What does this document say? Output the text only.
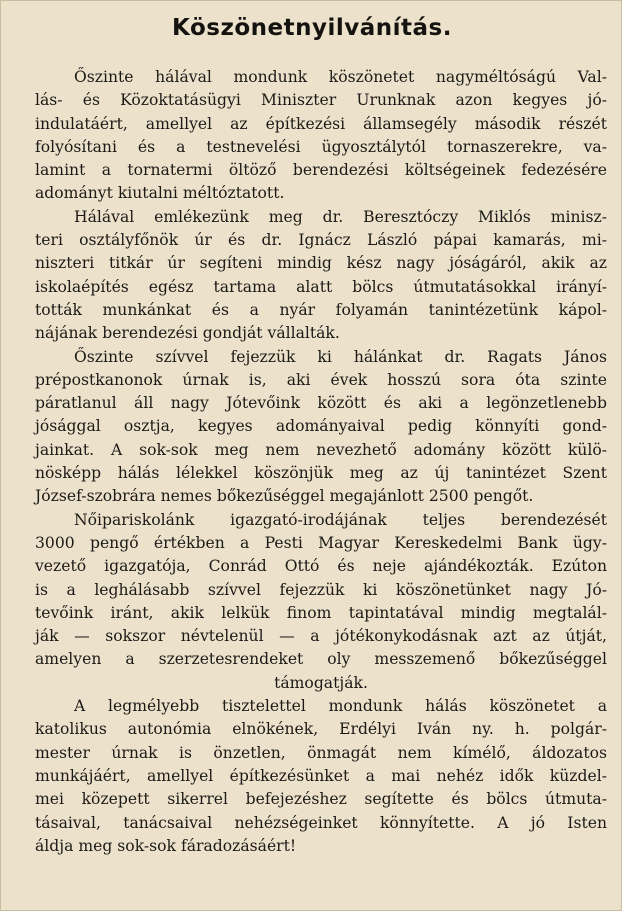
Köszönetnyilvánítás.
Őszinte hálával mondunk köszönetet nagyméltóságú Val-
lás- és Közoktatásügyi Miniszter Urunknak azon kegyes jó-
indulatáért, amellyel az építkezési államsegély második részét
folyósítani és a testnevelési ügyosztálytól tornaszerekre, va-
lamint a tornatermi öltöző berendezési költségeinek fedezésére
adományt kiutalni méltóztatott.
Hálával emlékezünk meg dr. Beresztóczy Miklós minisz-
teri osztályfőnök úr és dr. Ignácz László pápai kamarás, mi-
niszteri titkár úr segíteni mindig kész nagy jóságáról, akik az
iskolaépítés egész tartama alatt bölcs útmutatásokkal irányí-
tották munkánkat és a nyár folyamán tanintézetünk kápol-
nájának berendezési gondját vállalták.
Őszinte szívvel fejezzük ki hálánkat dr. Ragats János
prépostkanonok úrnak is, aki évek hosszú sora óta szinte
páratlanul áll nagy Jótevőink között és aki a legönzetlenebb
jósággal osztja, kegyes adományaival pedig könnyíti gond-
jainkat. A sok-sok meg nem nevezhető adomány között külö-
nösképp hálás lélekkel köszönjük meg az új tanintézet Szent
József-szobrára nemes bőkezűséggel megajánlott 2500 pengőt.
Nőipariskolánk igazgató-irodájának teljes berendezését
3000 pengő értékben a Pesti Magyar Kereskedelmi Bank ügy-
vezető igazgatója, Conrád Ottó és neje ajándékozták. Ezúton
is a leghálásabb szívvel fejezzük ki köszönetünket nagy Jó-
tevőink iránt, akik lelkük finom tapintatával mindig megtalál-
ják — sokszor névtelenül — a jótékonykodásnak azt az útját,
amelyen a szerzetesrendeket oly messzemenő bőkezűséggel
támogatják.
A legmélyebb tisztelettel mondunk hálás köszönetet a
katolikus autonómia elnökének, Erdélyi Iván ny. h. polgár-
mester úrnak is önzetlen, önmagát nem kímélő, áldozatos
munkájáért, amellyel építkezésünket a mai nehéz idők küzdel-
mei közepett sikerrel befejezéshez segítette és bölcs útmuta-
tásaival, tanácsaival nehézségeinket könnyítette. A jó Isten
áldja meg sok-sok fáradozásáért!
